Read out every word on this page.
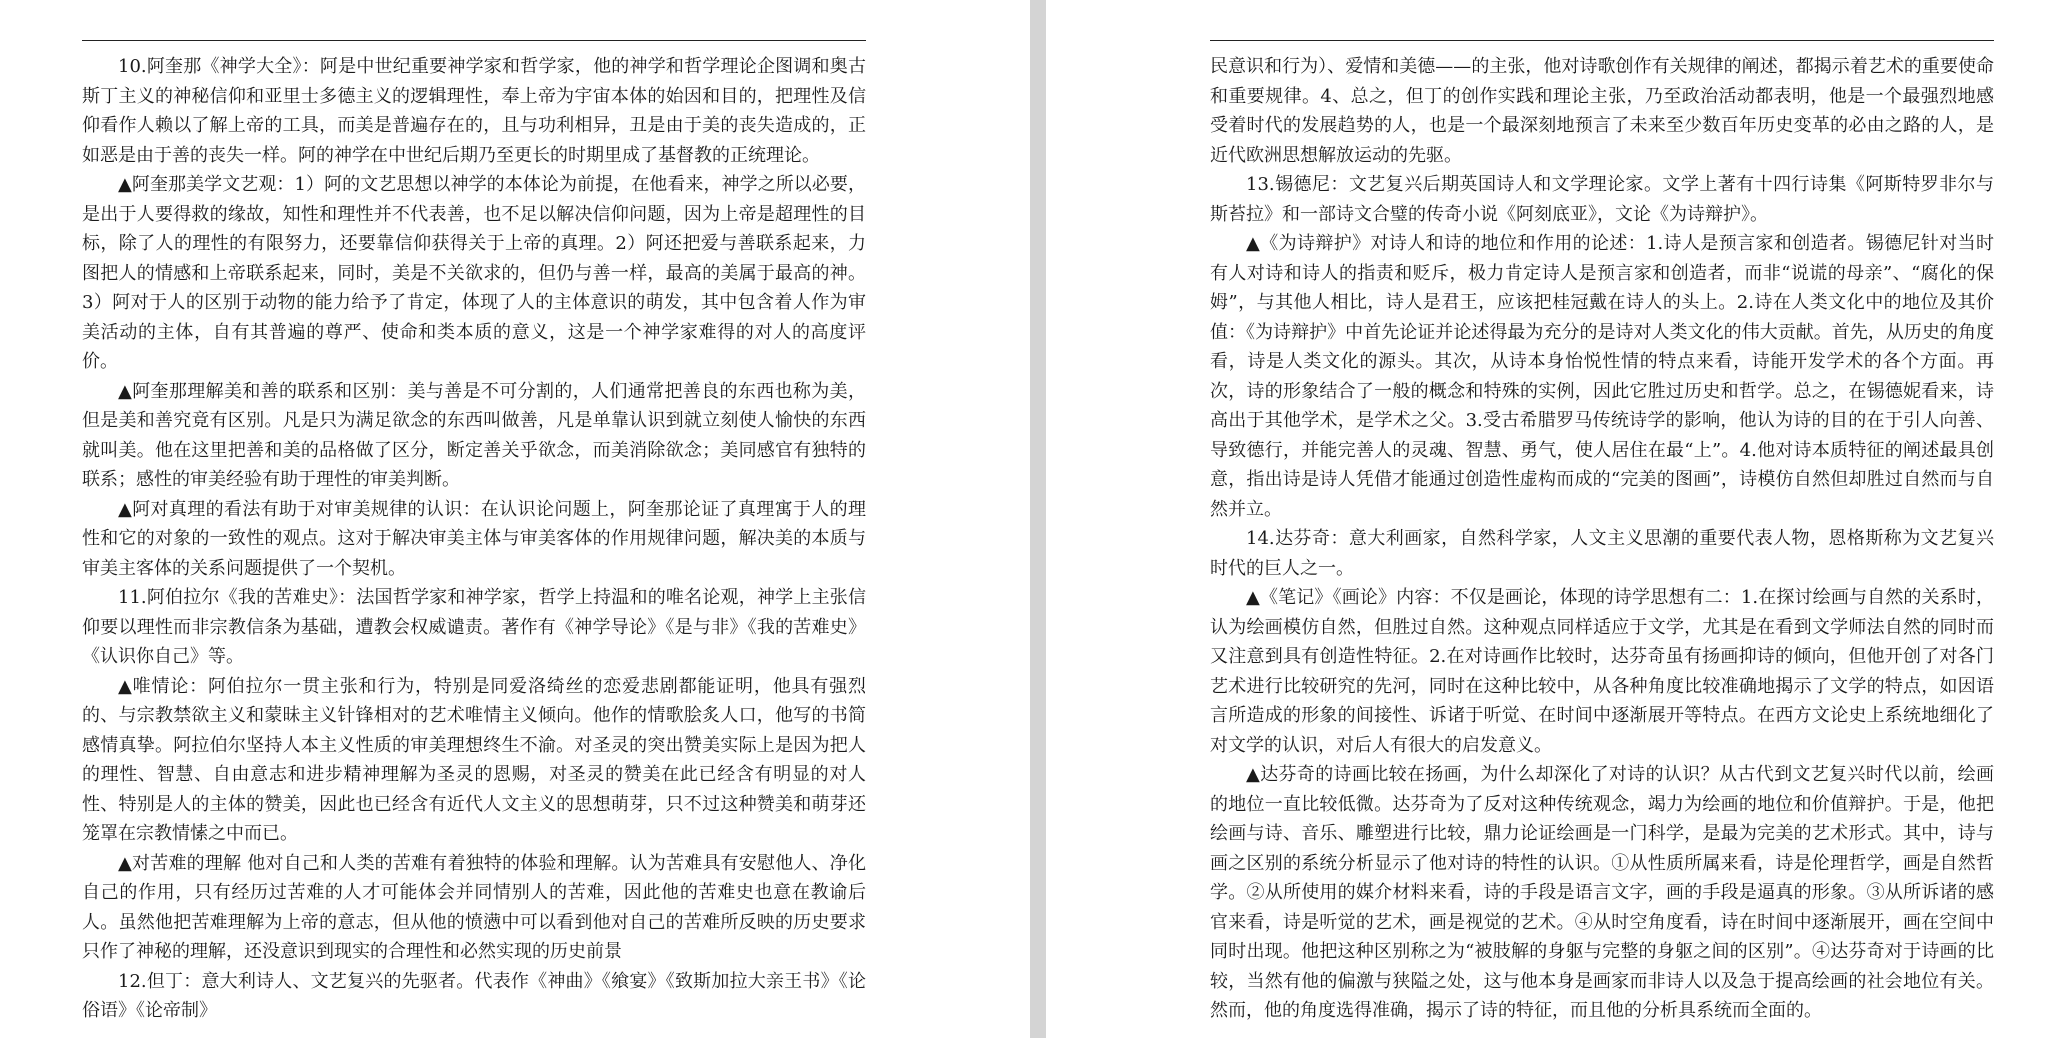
10.阿奎那《神学大全》：阿是中世纪重要神学家和哲学家，他的神学和哲学理论企图调和奥古斯丁主义的神秘信仰和亚里士多德主义的逻辑理性，奉上帝为宇宙本体的始因和目的，把理性及信仰看作人赖以了解上帝的工具，而美是普遍存在的，且与功利相异，丑是由于美的丧失造成的，正如恶是由于善的丧失一样。阿的神学在中世纪后期乃至更长的时期里成了基督教的正统理论。

▲阿奎那美学文艺观：1）阿的文艺思想以神学的本体论为前提，在他看来，神学之所以必要，是出于人要得救的缘故，知性和理性并不代表善，也不足以解决信仰问题，因为上帝是超理性的目标，除了人的理性的有限努力，还要靠信仰获得关于上帝的真理。2）阿还把爱与善联系起来，力图把人的情感和上帝联系起来，同时，美是不关欲求的，但仍与善一样，最高的美属于最高的神。3）阿对于人的区别于动物的能力给予了肯定，体现了人的主体意识的萌发，其中包含着人作为审美活动的主体，自有其普遍的尊严、使命和类本质的意义，这是一个神学家难得的对人的高度评价。

▲阿奎那理解美和善的联系和区别：美与善是不可分割的，人们通常把善良的东西也称为美，但是美和善究竟有区别。凡是只为满足欲念的东西叫做善，凡是单靠认识到就立刻使人愉快的东西就叫美。他在这里把善和美的品格做了区分，断定善关乎欲念，而美消除欲念；美同感官有独特的联系；感性的审美经验有助于理性的审美判断。

▲阿对真理的看法有助于对审美规律的认识：在认识论问题上，阿奎那论证了真理寓于人的理性和它的对象的一致性的观点。这对于解决审美主体与审美客体的作用规律问题，解决美的本质与审美主客体的关系问题提供了一个契机。

11.阿伯拉尔《我的苦难史》：法国哲学家和神学家，哲学上持温和的唯名论观，神学上主张信仰要以理性而非宗教信条为基础，遭教会权威谴责。著作有《神学导论》《是与非》《我的苦难史》《认识你自己》等。

▲唯情论：阿伯拉尔一贯主张和行为，特别是同爱洛绮丝的恋爱悲剧都能证明，他具有强烈的、与宗教禁欲主义和蒙昧主义针锋相对的艺术唯情主义倾向。他作的情歌脍炙人口，他写的书简感情真挚。阿拉伯尔坚持人本主义性质的审美理想终生不渝。对圣灵的突出赞美实际上是因为把人的理性、智慧、自由意志和进步精神理解为圣灵的恩赐，对圣灵的赞美在此已经含有明显的对人性、特别是人的主体的赞美，因此也已经含有近代人文主义的思想萌芽，只不过这种赞美和萌芽还笼罩在宗教情愫之中而已。

▲对苦难的理解 他对自己和人类的苦难有着独特的体验和理解。认为苦难具有安慰他人、净化自己的作用，只有经历过苦难的人才可能体会并同情别人的苦难，因此他的苦难史也意在教谕后人。虽然他把苦难理解为上帝的意志，但从他的愤懑中可以看到他对自己的苦难所反映的历史要求只作了神秘的理解，还没意识到现实的合理性和必然实现的历史前景

12.但丁：意大利诗人、文艺复兴的先驱者。代表作《神曲》《飨宴》《致斯加拉大亲王书》《论俗语》《论帝制》

民意识和行为）、爱情和美德——的主张，他对诗歌创作有关规律的阐述，都揭示着艺术的重要使命和重要规律。4、总之，但丁的创作实践和理论主张，乃至政治活动都表明，他是一个最强烈地感受着时代的发展趋势的人，也是一个最深刻地预言了未来至少数百年历史变革的必由之路的人，是近代欧洲思想解放运动的先驱。

13.锡德尼：文艺复兴后期英国诗人和文学理论家。文学上著有十四行诗集《阿斯特罗非尔与斯苔拉》和一部诗文合璧的传奇小说《阿刻底亚》，文论《为诗辩护》。

▲《为诗辩护》对诗人和诗的地位和作用的论述：1.诗人是预言家和创造者。锡德尼针对当时有人对诗和诗人的指责和贬斥，极力肯定诗人是预言家和创造者，而非“说谎的母亲”、“腐化的保姆”，与其他人相比，诗人是君王，应该把桂冠戴在诗人的头上。2.诗在人类文化中的地位及其价值：《为诗辩护》中首先论证并论述得最为充分的是诗对人类文化的伟大贡献。首先，从历史的角度看，诗是人类文化的源头。其次，从诗本身怡悦性情的特点来看，诗能开发学术的各个方面。再次，诗的形象结合了一般的概念和特殊的实例，因此它胜过历史和哲学。总之，在锡德妮看来，诗高出于其他学术，是学术之父。3.受古希腊罗马传统诗学的影响，他认为诗的目的在于引人向善、导致德行，并能完善人的灵魂、智慧、勇气，使人居住在最“上”。4.他对诗本质特征的阐述最具创意，指出诗是诗人凭借才能通过创造性虚构而成的“完美的图画”，诗模仿自然但却胜过自然而与自然并立。

14.达芬奇：意大利画家，自然科学家，人文主义思潮的重要代表人物，恩格斯称为文艺复兴时代的巨人之一。

▲《笔记》《画论》内容：不仅是画论，体现的诗学思想有二：1.在探讨绘画与自然的关系时，认为绘画模仿自然，但胜过自然。这种观点同样适应于文学，尤其是在看到文学师法自然的同时而又注意到具有创造性特征。2.在对诗画作比较时，达芬奇虽有扬画抑诗的倾向，但他开创了对各门艺术进行比较研究的先河，同时在这种比较中，从各种角度比较准确地揭示了文学的特点，如因语言所造成的形象的间接性、诉诸于听觉、在时间中逐渐展开等特点。在西方文论史上系统地细化了对文学的认识，对后人有很大的启发意义。

▲达芬奇的诗画比较在扬画，为什么却深化了对诗的认识？从古代到文艺复兴时代以前，绘画的地位一直比较低微。达芬奇为了反对这种传统观念，竭力为绘画的地位和价值辩护。于是，他把绘画与诗、音乐、雕塑进行比较，鼎力论证绘画是一门科学，是最为完美的艺术形式。其中，诗与画之区别的系统分析显示了他对诗的特性的认识。①从性质所属来看，诗是伦理哲学，画是自然哲学。②从所使用的媒介材料来看，诗的手段是语言文字，画的手段是逼真的形象。③从所诉诸的感官来看，诗是听觉的艺术，画是视觉的艺术。④从时空角度看，诗在时间中逐渐展开，画在空间中同时出现。他把这种区别称之为“被肢解的身躯与完整的身躯之间的区别”。④达芬奇对于诗画的比较，当然有他的偏激与狭隘之处，这与他本身是画家而非诗人以及急于提高绘画的社会地位有关。然而，他的角度选得准确，揭示了诗的特征，而且他的分析具系统而全面的。
